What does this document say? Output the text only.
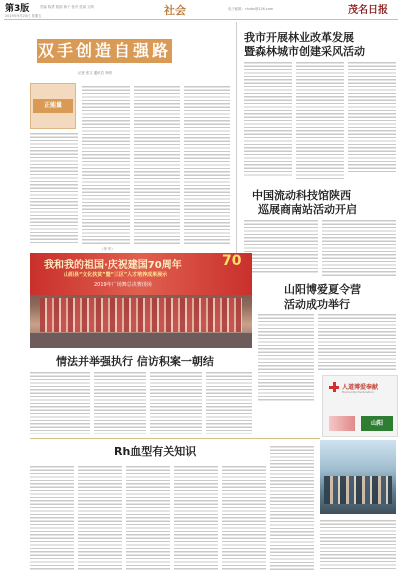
第3版	责编 陈勇 版面 韩子 校对 张斌 文网
2019年9月20日 星期五	社会	电子邮箱：chxbs@126.com	茂名日报
双手创造自强路
记者 张文 通讯员 李明
正能量
（李 华）
我市开展林业改革发展
暨森林城市创建采风活动
中国流动科技馆陕西
巡展商南站活动开启
我和我的祖国·庆祝建国70周年	70
山阳县“文化扶贫”暨“三区”人才培养成果展示
2019年广场舞总决赛现场	山阳博爱夏令营
活动成功举行
人道博爱奉献
Humanity Dedication
山阳
情法并举强执行 信访积案一朝结
Rh血型有关知识
